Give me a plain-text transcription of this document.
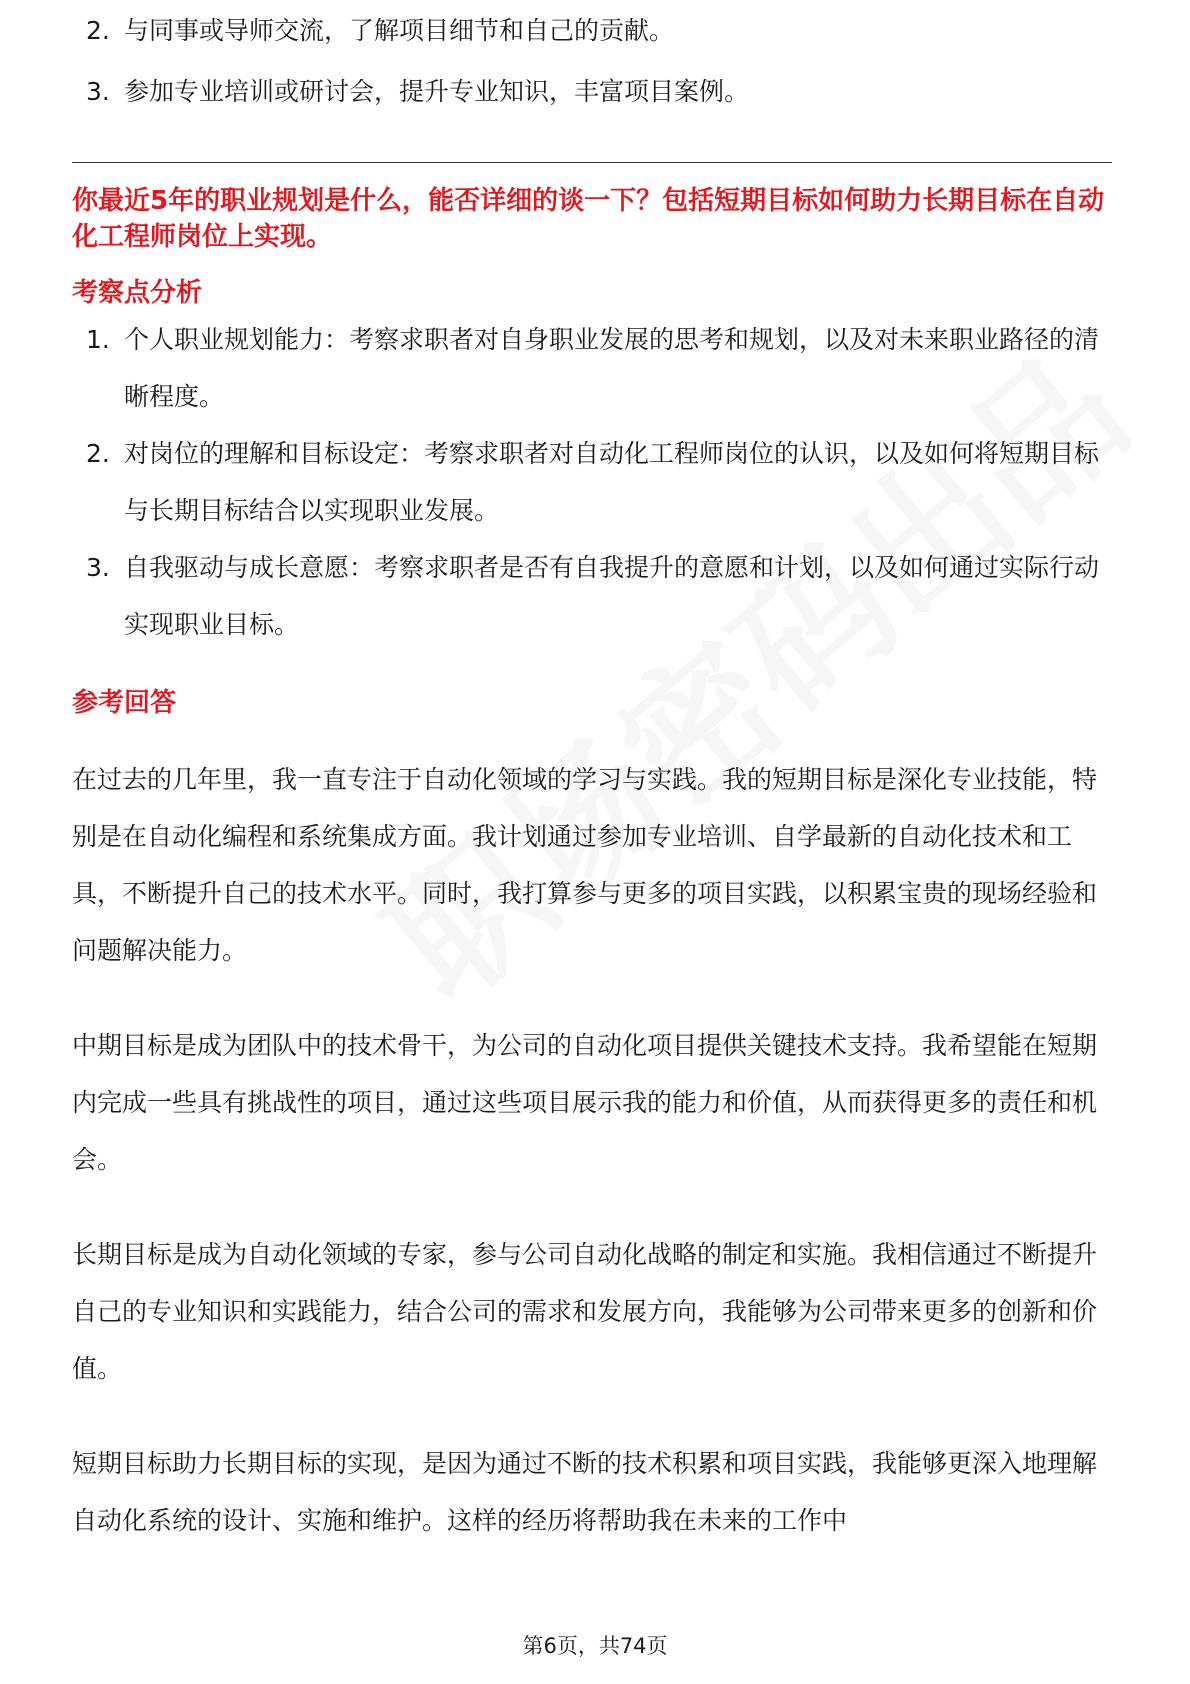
2. 与同事或导师交流，了解项目细节和自己的贡献。
3. 参加专业培训或研讨会，提升专业知识，丰富项目案例。
你最近5年的职业规划是什么，能否详细的谈一下？包括短期目标如何助力长期目标在自动化工程师岗位上实现。
考察点分析
1. 个人职业规划能力：考察求职者对自身职业发展的思考和规划，以及对未来职业路径的清晰程度。
2. 对岗位的理解和目标设定：考察求职者对自动化工程师岗位的认识，以及如何将短期目标与长期目标结合以实现职业发展。
3. 自我驱动与成长意愿：考察求职者是否有自我提升的意愿和计划，以及如何通过实际行动实现职业目标。
参考回答
在过去的几年里，我一直专注于自动化领域的学习与实践。我的短期目标是深化专业技能，特别是在自动化编程和系统集成方面。我计划通过参加专业培训、自学最新的自动化技术和工具，不断提升自己的技术水平。同时，我打算参与更多的项目实践，以积累宝贵的现场经验和问题解决能力。
中期目标是成为团队中的技术骨干，为公司的自动化项目提供关键技术支持。我希望能在短期内完成一些具有挑战性的项目，通过这些项目展示我的能力和价值，从而获得更多的责任和机会。
长期目标是成为自动化领域的专家，参与公司自动化战略的制定和实施。我相信通过不断提升自己的专业知识和实践能力，结合公司的需求和发展方向，我能够为公司带来更多的创新和价值。
短期目标助力长期目标的实现，是因为通过不断的技术积累和项目实践，我能够更深入地理解自动化系统的设计、实施和维护。这样的经历将帮助我在未来的工作中
第6页，共74页
